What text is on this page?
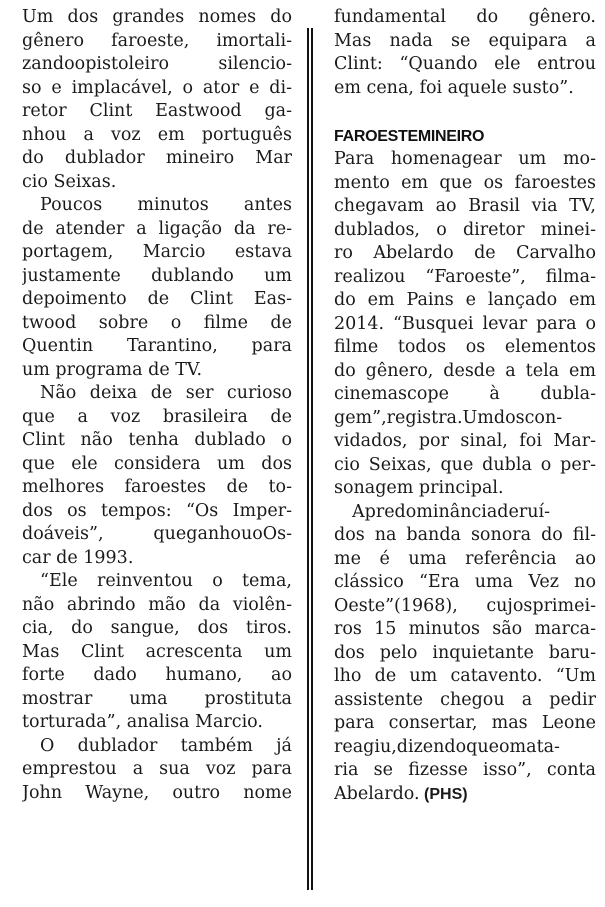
Um dos grandes nomes do
gênero faroeste, imortali-
zandoopistoleiro silencio-
so e implacável, o ator e di-
retor Clint Eastwood ga-
nhou a voz em português
do dublador mineiro Mar
cio Seixas.
Poucos minutos antes
de atender a ligação da re-
portagem, Marcio estava
justamente dublando um
depoimento de Clint Eas-
twood sobre o filme de
Quentin Tarantino, para
um programa de TV.
Não deixa de ser curioso
que a voz brasileira de
Clint não tenha dublado o
que ele considera um dos
melhores faroestes de to-
dos os tempos: “Os Imper-
doáveis”, queganhouoOs-
car de 1993.
“Ele reinventou o tema,
não abrindo mão da violên-
cia, do sangue, dos tiros.
Mas Clint acrescenta um
forte dado humano, ao
mostrar uma prostituta
torturada”, analisa Marcio.
O dublador também já
emprestou a sua voz para
John Wayne, outro nome
fundamental do gênero.
Mas nada se equipara a
Clint: “Quando ele entrou
em cena, foi aquele susto”.
FAROESTEMINEIRO
Para homenagear um mo-
mento em que os faroestes
chegavam ao Brasil via TV,
dublados, o diretor minei-
ro Abelardo de Carvalho
realizou “Faroeste”, filma-
do em Pains e lançado em
2014. “Busquei levar para o
filme todos os elementos
do gênero, desde a tela em
cinemascope à dubla-
gem”,registra.Umdoscon-
vidados, por sinal, foi Mar-
cio Seixas, que dubla o per-
sonagem principal.
Apredominânciaderuí-
dos na banda sonora do fil-
me é uma referência ao
clássico “Era uma Vez no
Oeste”(1968), cujosprimei-
ros 15 minutos são marca-
dos pelo inquietante baru-
lho de um catavento. “Um
assistente chegou a pedir
para consertar, mas Leone
reagiu,dizendoqueomata-
ria se fizesse isso”, conta
Abelardo. (PHS)
